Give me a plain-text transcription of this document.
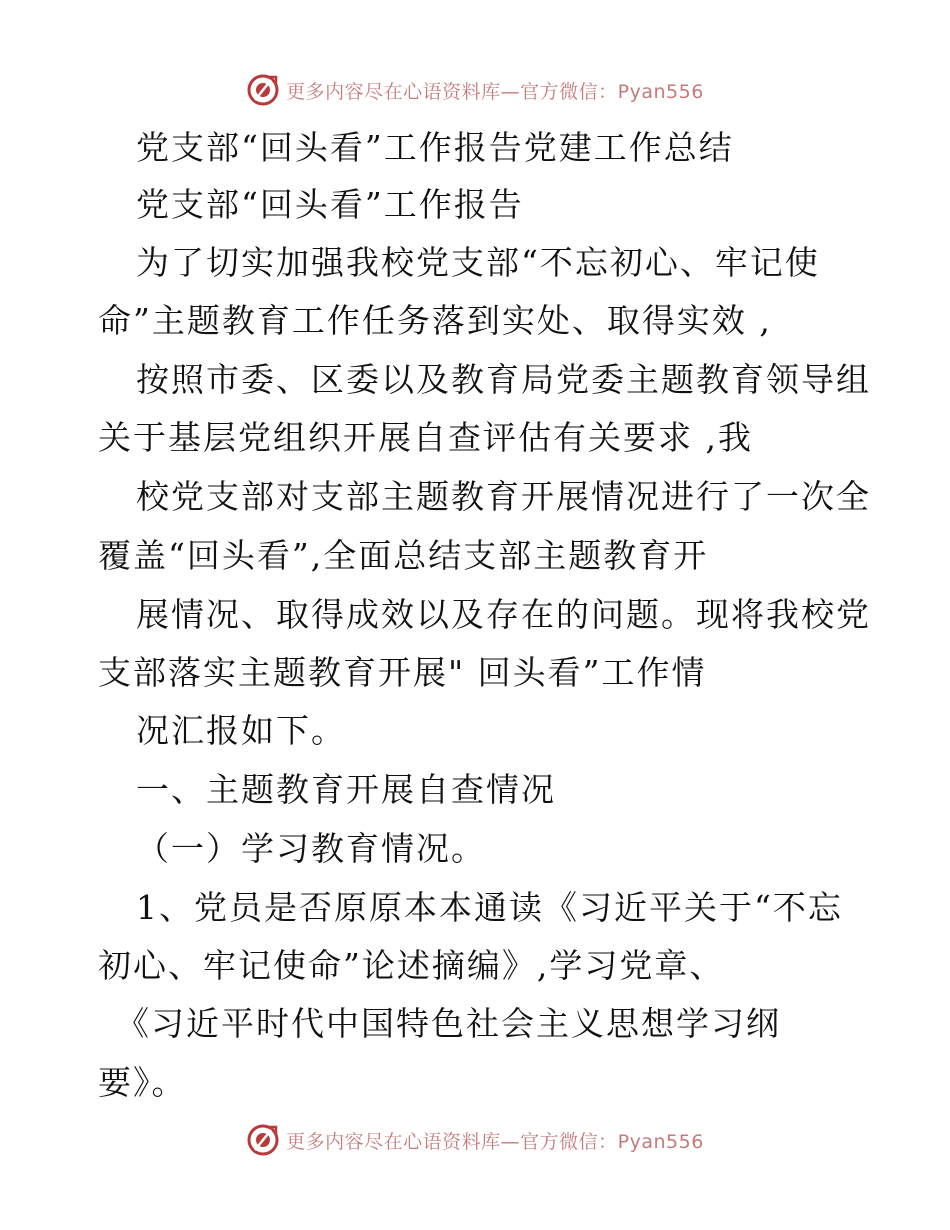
更多内容尽在心语资料库—官方微信：Pyan556
党支部“回头看”工作报告党建工作总结
党支部“回头看”工作报告
为了切实加强我校党支部“不忘初心、牢记使
命”主题教育工作任务落到实处、取得实效 ,
按照市委、区委以及教育局党委主题教育领导组
关于基层党组织开展自查评估有关要求 ,我
校党支部对支部主题教育开展情况进行了一次全
覆盖“回头看”,全面总结支部主题教育开
展情况、取得成效以及存在的问题。现将我校党
支部落实主题教育开展" 回头看”工作情
况汇报如下。
一、主题教育开展自查情况
（一）学习教育情况。
1、党员是否原原本本通读《习近平关于“不忘
初心、牢记使命”论述摘编》,学习党章、
《习近平时代中国特色社会主义思想学习纲
要》。
更多内容尽在心语资料库—官方微信：Pyan556
